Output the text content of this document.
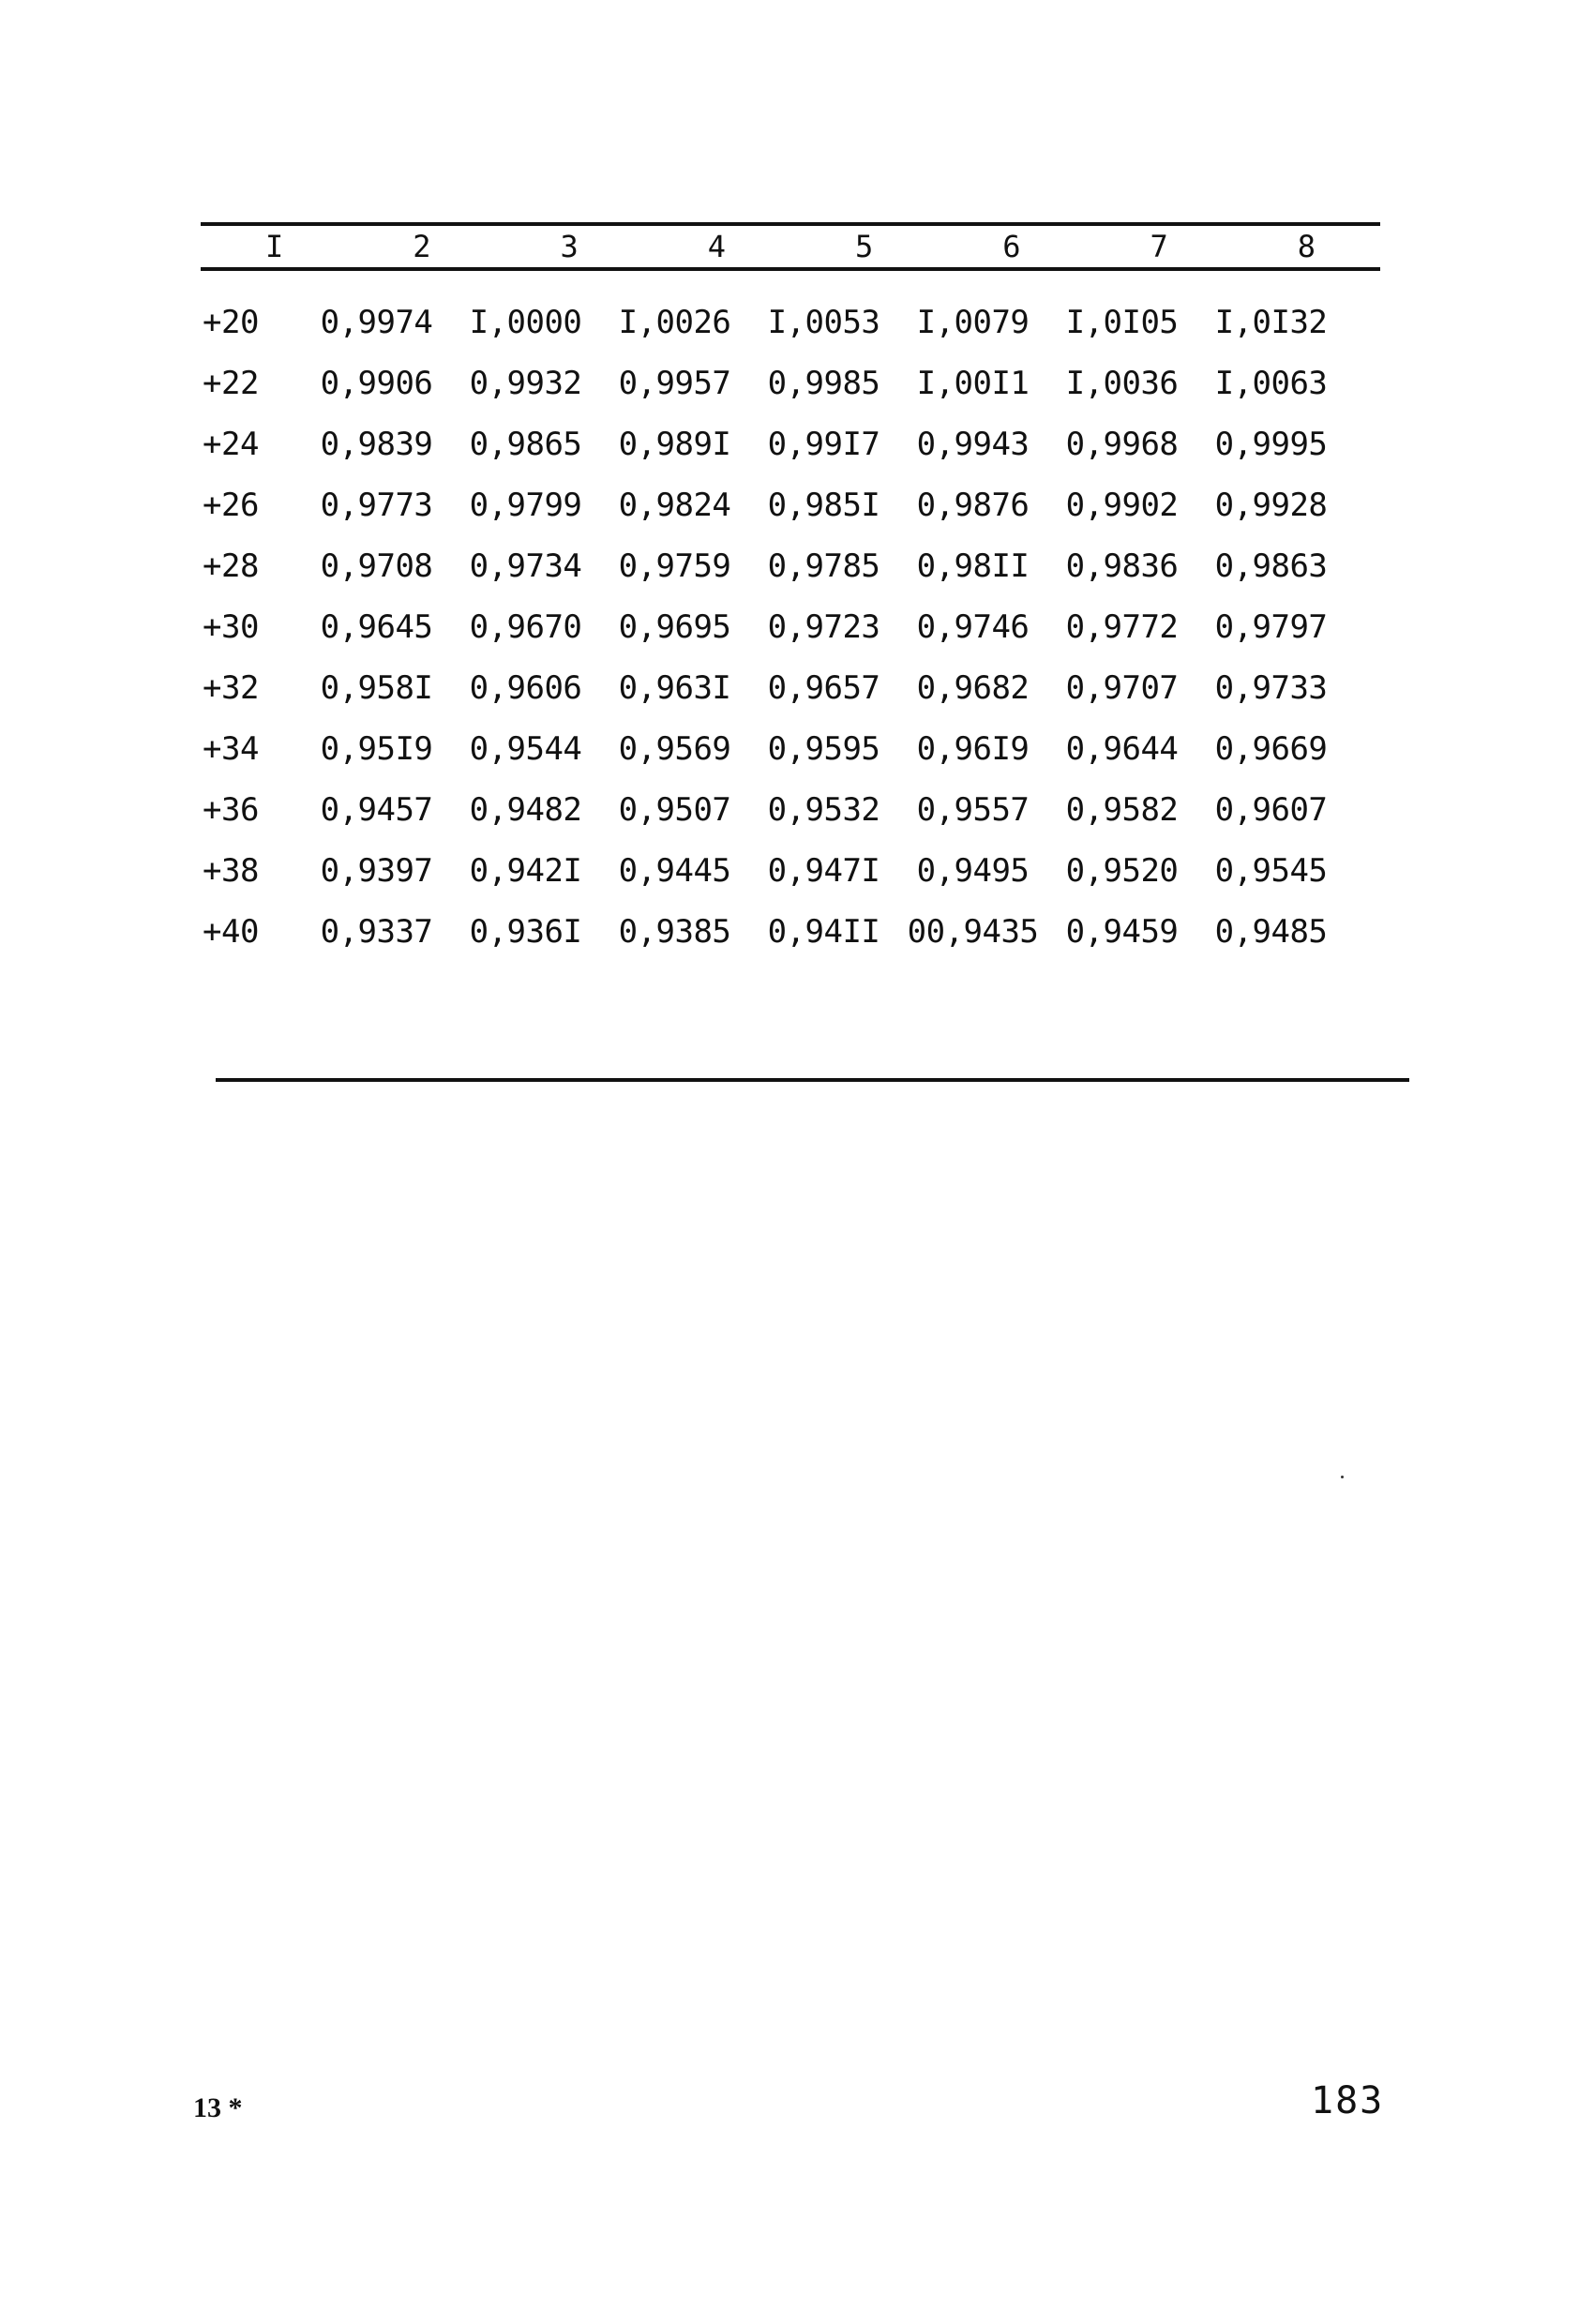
I	2	3	4	5	6	7	8
+20	0,9974	I,0000	I,0026	I,0053	I,0079	I,0I05	I,0I32
+22	0,9906	0,9932	0,9957	0,9985	I,00I1	I,0036	I,0063
+24	0,9839	0,9865	0,989I	0,99I7	0,9943	0,9968	0,9995
+26	0,9773	0,9799	0,9824	0,985I	0,9876	0,9902	0,9928
+28	0,9708	0,9734	0,9759	0,9785	0,98II	0,9836	0,9863
+30	0,9645	0,9670	0,9695	0,9723	0,9746	0,9772	0,9797
+32	0,958I	0,9606	0,963I	0,9657	0,9682	0,9707	0,9733
+34	0,95I9	0,9544	0,9569	0,9595	0,96I9	0,9644	0,9669
+36	0,9457	0,9482	0,9507	0,9532	0,9557	0,9582	0,9607
+38	0,9397	0,942I	0,9445	0,947I	0,9495	0,9520	0,9545
+40	0,9337	0,936I	0,9385	0,94II 00,9435 0,9459	0,9485
13 *	183
